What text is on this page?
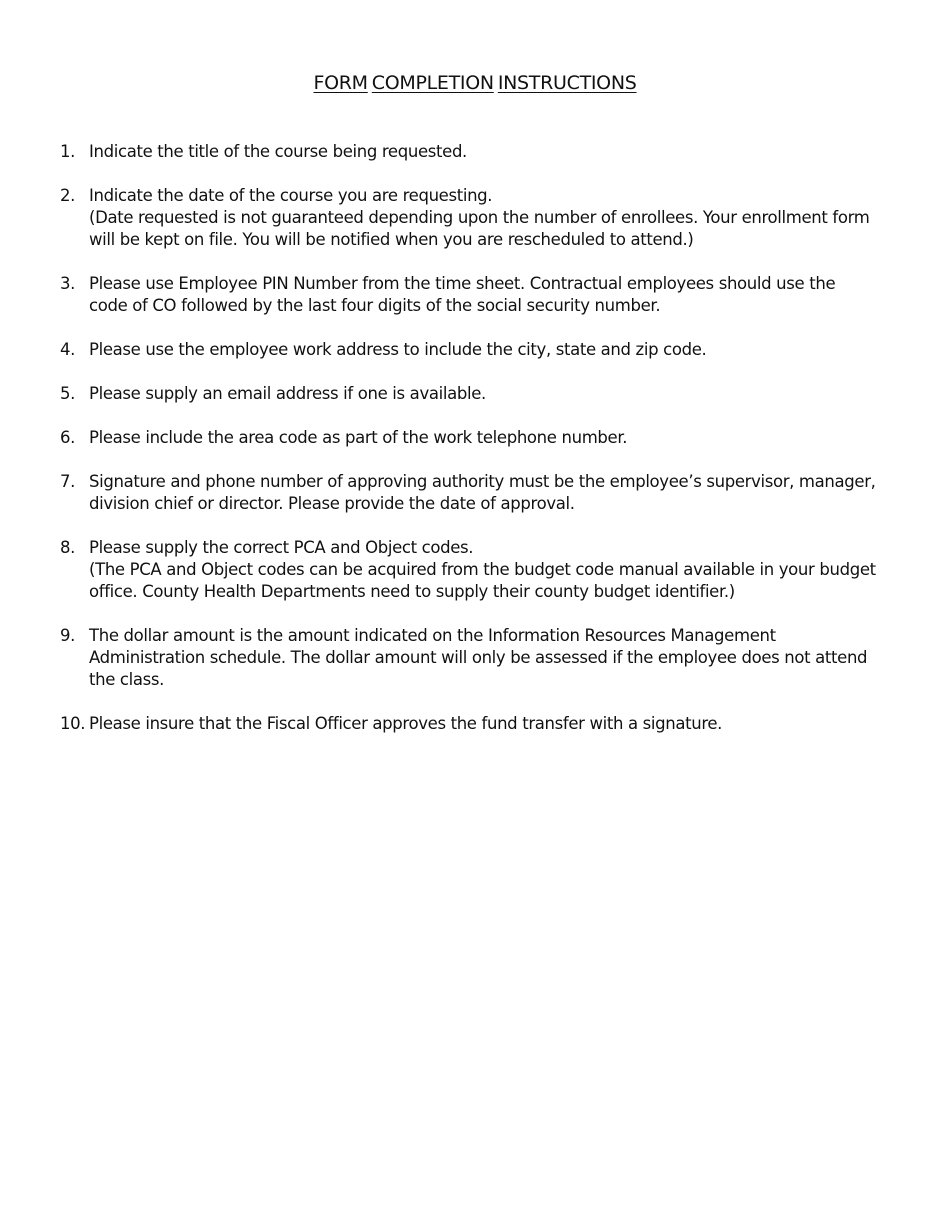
FORM COMPLETION INSTRUCTIONS
1. Indicate the title of the course being requested.
2. Indicate the date of the course you are requesting.
(Date requested is not guaranteed depending upon the number of enrollees. Your enrollment form
will be kept on file. You will be notified when you are rescheduled to attend.)
3. Please use Employee PIN Number from the time sheet. Contractual employees should use the
code of CO followed by the last four digits of the social security number.
4. Please use the employee work address to include the city, state and zip code.
5. Please supply an email address if one is available.
6. Please include the area code as part of the work telephone number.
7. Signature and phone number of approving authority must be the employee’s supervisor, manager,
division chief or director. Please provide the date of approval.
8. Please supply the correct PCA and Object codes.
(The PCA and Object codes can be acquired from the budget code manual available in your budget
office. County Health Departments need to supply their county budget identifier.)
9. The dollar amount is the amount indicated on the Information Resources Management
Administration schedule. The dollar amount will only be assessed if the employee does not attend
the class.
10. Please insure that the Fiscal Officer approves the fund transfer with a signature.
